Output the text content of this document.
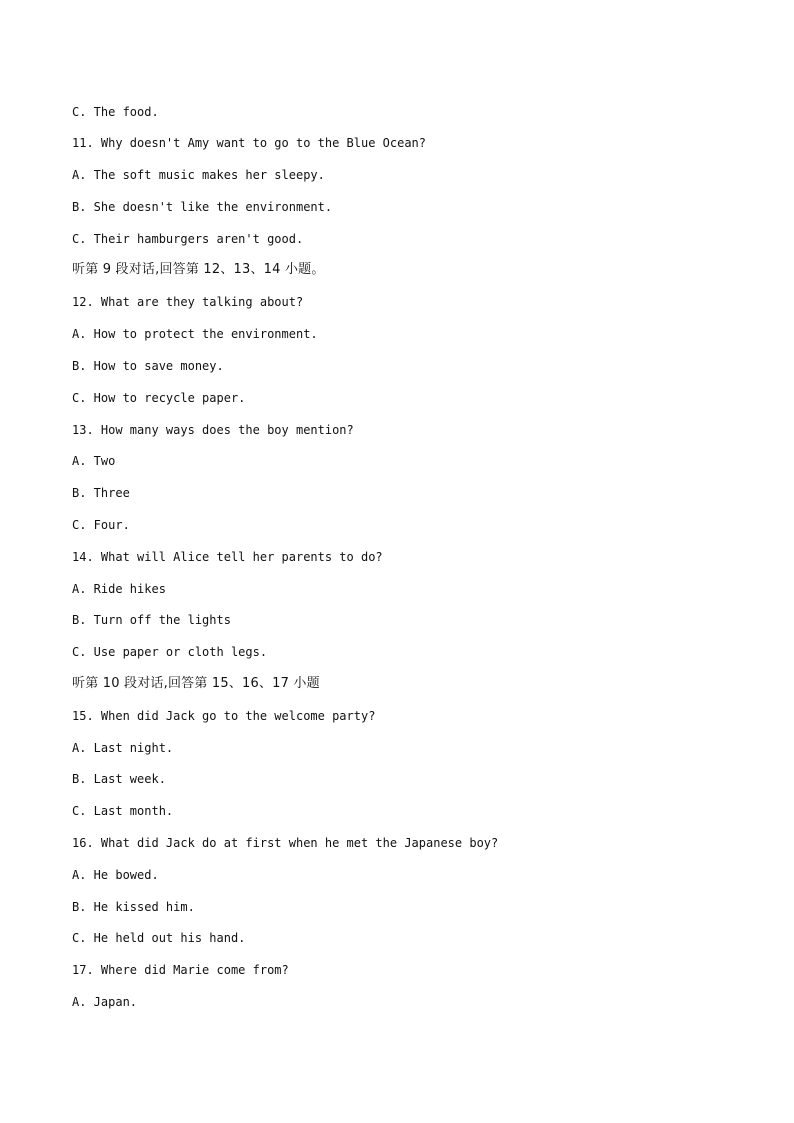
C. The food.

11. Why doesn't Amy want to go to the Blue Ocean?

A. The soft music makes her sleepy.

B. She doesn't like the environment.

C. Their hamburgers aren't good.

听第 9 段对话,回答第 12、13、14 小题。

12. What are they talking about?

A. How to protect the environment.

B. How to save money.

C. How to recycle paper.

13. How many ways does the boy mention?

A. Two

B. Three

C. Four.

14. What will Alice tell her parents to do?

A. Ride hikes

B. Turn off the lights

C. Use paper or cloth legs.

听第 10 段对话,回答第 15、16、17 小题

15. When did Jack go to the welcome party?

A. Last night.

B. Last week.

C. Last month.

16. What did Jack do at first when he met the Japanese boy?

A. He bowed.

B. He kissed him.

C. He held out his hand.

17. Where did Marie come from?

A. Japan.
